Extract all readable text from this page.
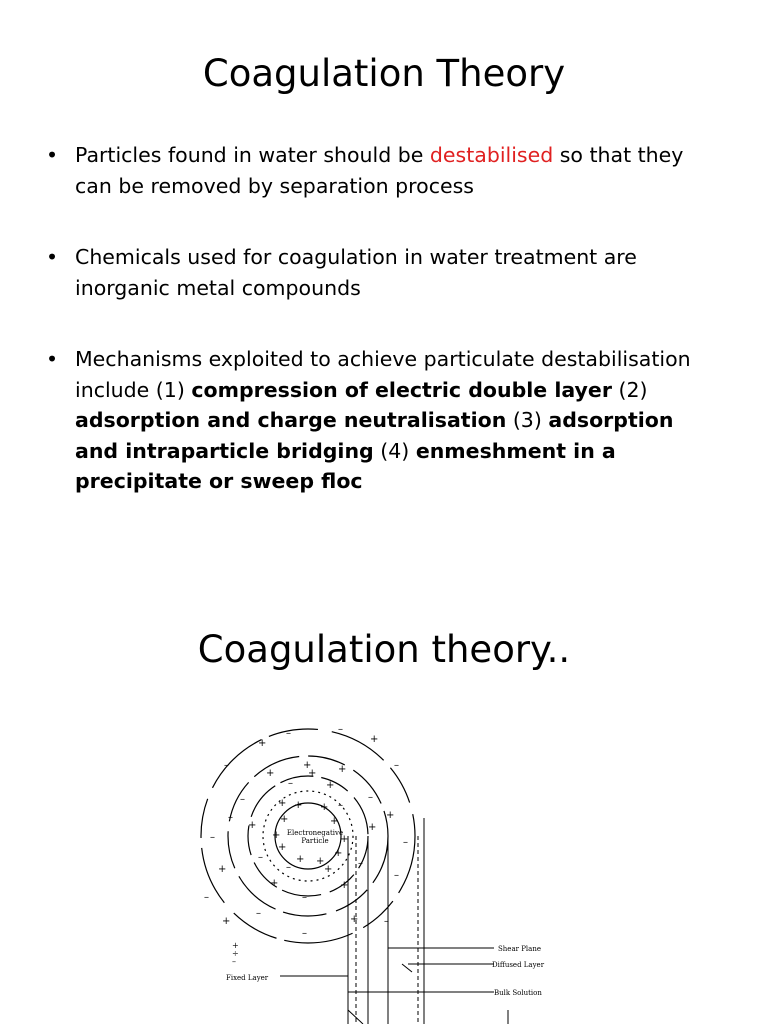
Coagulation Theory
• Particles found in water should be destabilised so that they can be removed by separation process
• Chemicals used for coagulation in water treatment are inorganic metal compounds
• Mechanisms exploited to achieve particulate destabilisation include (1) compression of electric double layer (2) adsorption and charge neutralisation (3) adsorption and intraparticle bridging (4) enmeshment in a precipitate or sweep floc
Coagulation theory..
+	+
+
–	–
+	+
–
–
+	+
–
–	+
+
–
–
+
–
–	–
–	–
+	+
–	–
–
+	–
+
–	+
+	–
+	+
–	+
+ +
+	+
+
+
+ +
Electronegative
Particle
Shear Plane
Diffused Layer
Fixed Layer
Bulk Solution
+
÷
–
